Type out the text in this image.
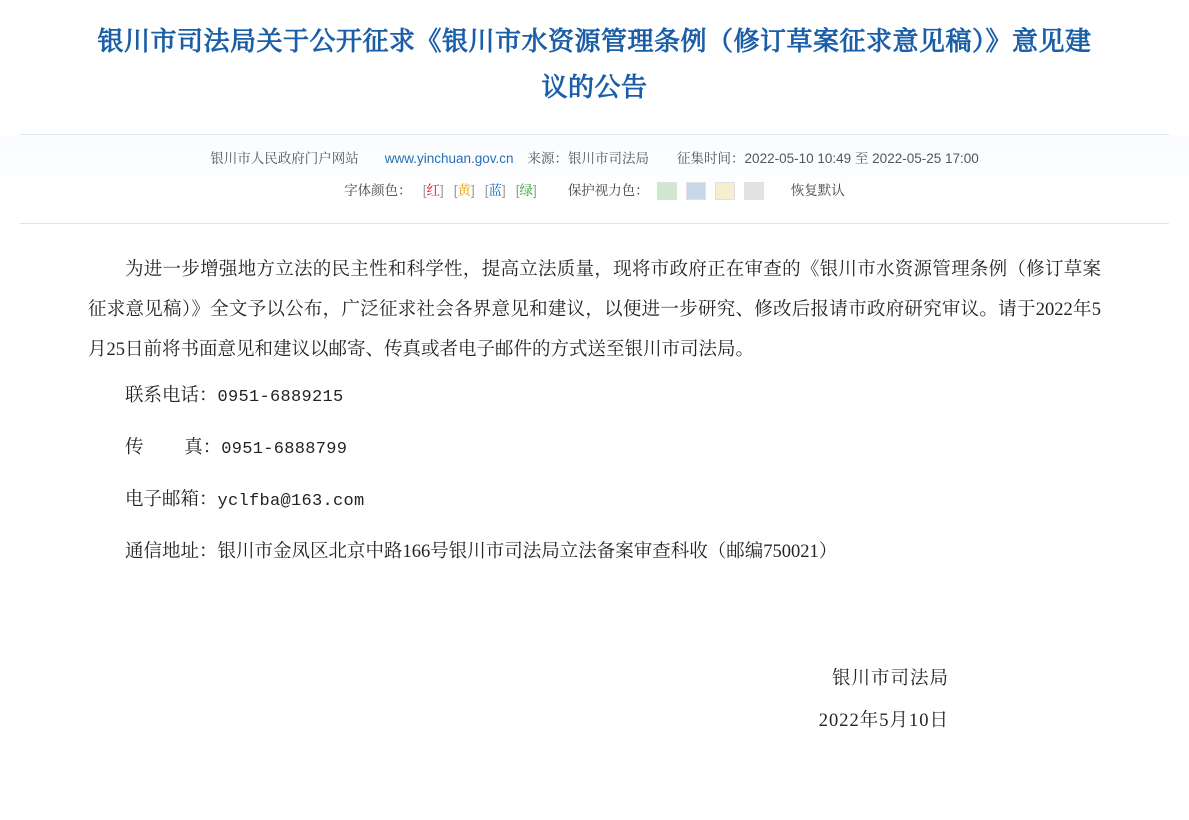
银川市司法局关于公开征求《银川市水资源管理条例（修订草案征求意见稿）》意见建议的公告
银川市人民政府门户网站 www.yinchuan.gov.cn 来源：银川市司法局 征集时间：2022-05-10 10:49 至 2022-05-25 17:00
字体颜色： [红] [黄] [蓝] [绿] 保护视力色：	恢复默认

为进一步增强地方立法的民主性和科学性，提高立法质量，现将市政府正在审查的《银川市水资源管理条例（修订草案征求意见稿）》全文予以公布，广泛征求社会各界意见和建议，以便进一步研究、修改后报请市政府研究审议。请于2022年5月25日前将书面意见和建议以邮寄、传真或者电子邮件的方式送至银川市司法局。

联系电话：0951-6889215

传 真：0951-6888799

电子邮箱：yclfba@163.com

通信地址：银川市金凤区北京中路166号银川市司法局立法备案审查科收（邮编750021）

银川市司法局
2022年5月10日
